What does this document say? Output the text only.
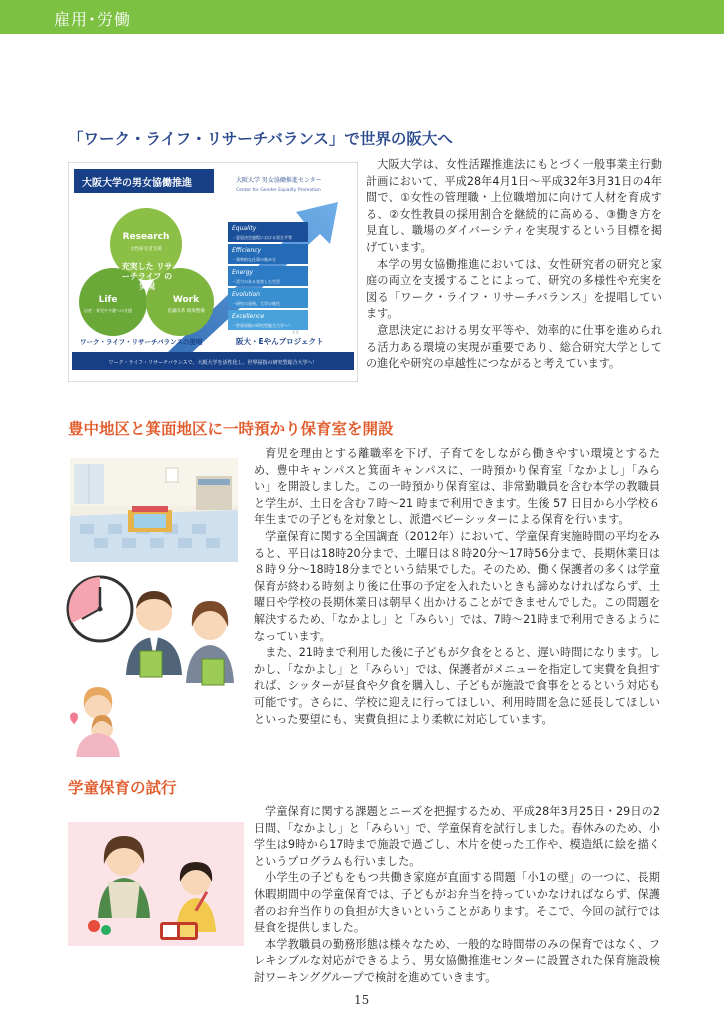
雇用･労働
「ワーク・ライフ・リサーチバランス」で世界の阪大へ
大阪大学の男女協働推進	大阪大学 男女協働推進センター
Center for Gender Equality Promotion
Research
女性研究者支援
Life
出産・育児や介護への支援
Work
意識改革 環境整備
充実した リサーチライフ の実現
Equality
・意思決定過程における男女平等
Efficiency
・効率的な仕事の進め方
Energy
・活力のある充実した生活
Evolution
・研究の発展、大学の進化
Excellence
・世界屈指の研究型総合大学へ！
ワーク・ライフ・リサーチバランスの提唱
ええ
阪大・Eやんプロジェクト
ワーク・ライフ・リサーチバランスで、大阪大学を活性化し、世界屈指の研究型総合大学へ！

大阪大学は、女性活躍推進法にもとづく一般事業主行動計画において、平成28年4月1日〜平成32年3月31日の4年間で、①女性の管理職・上位職増加に向けて人材を育成する、②女性教員の採用割合を継続的に高める、③働き方を見直し、職場のダイバーシティを実現するという目標を掲げています。

本学の男女協働推進においては、女性研究者の研究と家庭の両立を支援することによって、研究の多様性や充実を図る「ワーク・ライフ・リサーチバランス」を提唱しています。

意思決定における男女平等や、効率的に仕事を進められる活力ある環境の実現が重要であり、総合研究大学としての進化や研究の卓越性につながると考えています。

豊中地区と箕面地区に一時預かり保育室を開設

育児を理由とする離職率を下げ、子育てをしながら働きやすい環境とするため、豊中キャンパスと箕面キャンパスに、一時預かり保育室「なかよし」「みらい」を開設しました。この一時預かり保育室は、非常勤職員を含む本学の教職員と学生が、土日を含む７時〜21 時まで利用できます。生後 57 日目から小学校６年生までの子どもを対象とし、派遣ベビーシッターによる保育を行います。

学童保育に関する全国調査（2012年）において、学童保育実施時間の平均をみると、平日は18時20分まで、土曜日は８時20分〜17時56分まで、長期休業日は８時９分〜18時18分までという結果でした。そのため、働く保護者の多くは学童保育が終わる時刻より後に仕事の予定を入れたいときも諦めなければならず、土曜日や学校の長期休業日は朝早く出かけることができませんでした。この問題を解決するため、「なかよし」と「みらい」では、7時〜21時まで利用できるようになっています。

また、21時まで利用した後に子どもが夕食をとると、遅い時間になります。しかし、「なかよし」と「みらい」では、保護者がメニューを指定して実費を負担すれば、シッターが昼食や夕食を購入し、子どもが施設で食事をとるという対応も可能です。さらに、学校に迎えに行ってほしい、利用時間を急に延長してほしいといった要望にも、実費負担により柔軟に対応しています。

学童保育の試行

学童保育に関する課題とニーズを把握するため、平成28年3月25日・29日の2日間、「なかよし」と「みらい」で、学童保育を試行しました。春休みのため、小学生は9時から17時まで施設で過ごし、木片を使った工作や、模造紙に絵を描くというプログラムも行いました。

小学生の子どもをもつ共働き家庭が直面する問題「小1の壁」の一つに、長期休暇期間中の学童保育では、子どもがお弁当を持っていかなければならず、保護者のお弁当作りの負担が大きいということがあります。そこで、今回の試行では昼食を提供しました。

本学教職員の勤務形態は様々なため、一般的な時間帯のみの保育ではなく、フレキシブルな対応ができるよう、男女協働推進センターに設置された保育施設検討ワーキンググループで検討を進めていきます。

15
